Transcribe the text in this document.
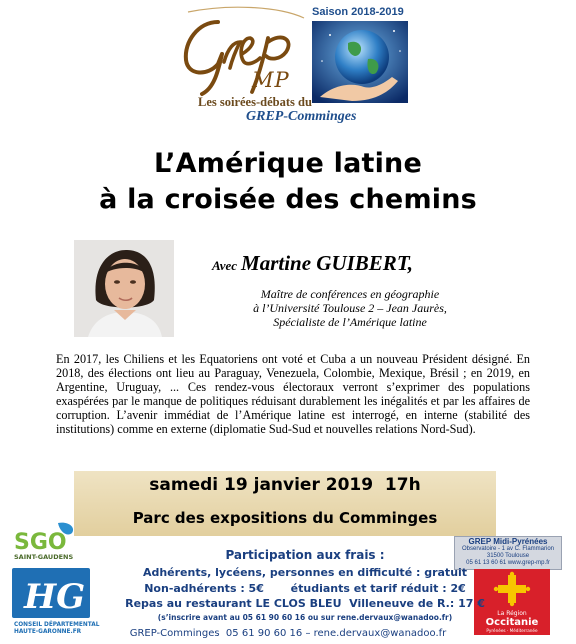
MP
Les soirées-débats du
GREP-Comminges
Saison 2018-2019
L’Amérique latine
à la croisée des chemins
Avec Martine GUIBERT,
Maître de conférences en géographie
à l’Université Toulouse 2 – Jean Jaurès,
Spécialiste de l’Amérique latine
En 2017, les Chiliens et les Equatoriens ont voté et Cuba a un nouveau Président désigné. En 2018, des élections ont lieu au Paraguay, Venezuela, Colombie, Mexique, Brésil ; en 2019, en Argentine, Uruguay, ... Ces rendez-vous électoraux verront s’exprimer des populations exaspérées par le manque de politiques réduisant durablement les inégalités et par les affaires de corruption. L’avenir immédiat de l’Amérique latine est interrogé, en interne (stabilité des institutions) comme en externe (diplomatie Sud-Sud et nouvelles relations Nord-Sud).
samedi 19 janvier 2019 17h
Parc des expositions du Comminges
SGO
SAINT-GAUDENS
HG
CONSEIL DÉPARTEMENTAL
HAUTE-GARONNE.FR
GREP Midi-Pyrénées
Observatoire - 1 av C. Flammarion
31500 Toulouse
05 61 13 60 61 www.grep-mp.fr
La Région
Occitanie
Pyrénées · Méditerranée
Participation aux frais :
Adhérents, lycéens, personnes en difficulté : gratuit
Non-adhérents : 5€       étudiants et tarif réduit : 2€
Repas au restaurant LE CLOS BLEU  Villeneuve de R.: 17 €
(s’inscrire avant au 05 61 90 60 16 ou sur rene.dervaux@wanadoo.fr)
GREP-Comminges  05 61 90 60 16 – rene.dervaux@wanadoo.fr
